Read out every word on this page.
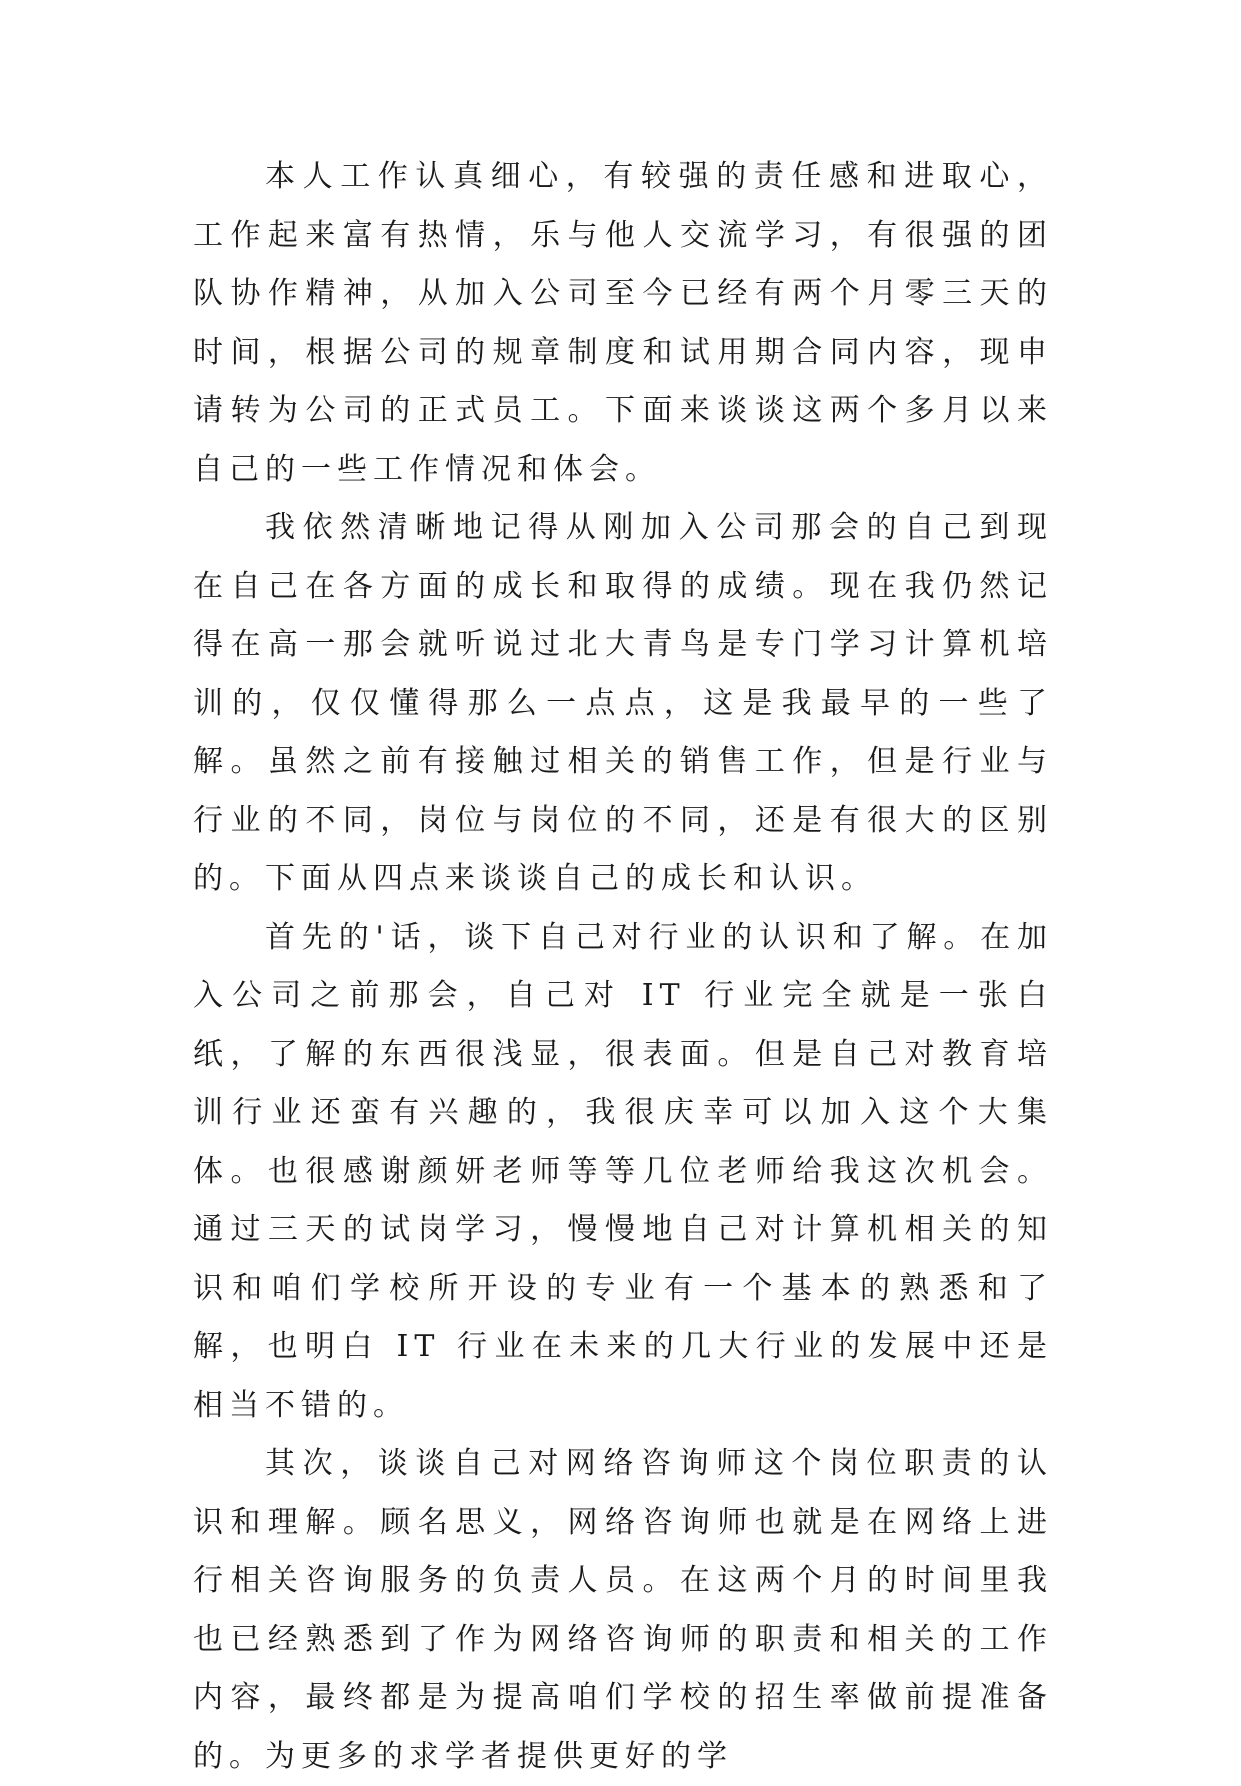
本人工作认真细心，有较强的责任感和进取心，工作起来富有热情，乐与他人交流学习，有很强的团队协作精神，从加入公司至今已经有两个月零三天的时间，根据公司的规章制度和试用期合同内容，现申请转为公司的正式员工。下面来谈谈这两个多月以来自己的一些工作情况和体会。

我依然清晰地记得从刚加入公司那会的自己到现在自己在各方面的成长和取得的成绩。现在我仍然记得在高一那会就听说过北大青鸟是专门学习计算机培训的，仅仅懂得那么一点点，这是我最早的一些了解。虽然之前有接触过相关的销售工作，但是行业与行业的不同，岗位与岗位的不同，还是有很大的区别的。下面从四点来谈谈自己的成长和认识。

首先的'话，谈下自己对行业的认识和了解。在加入公司之前那会，自己对 IT 行业完全就是一张白纸，了解的东西很浅显，很表面。但是自己对教育培训行业还蛮有兴趣的，我很庆幸可以加入这个大集体。也很感谢颜妍老师等等几位老师给我这次机会。通过三天的试岗学习，慢慢地自己对计算机相关的知识和咱们学校所开设的专业有一个基本的熟悉和了解，也明白 IT 行业在未来的几大行业的发展中还是相当不错的。

其次，谈谈自己对网络咨询师这个岗位职责的认识和理解。顾名思义，网络咨询师也就是在网络上进行相关咨询服务的负责人员。在这两个月的时间里我也已经熟悉到了作为网络咨询师的职责和相关的工作内容，最终都是为提高咱们学校的招生率做前提准备的。为更多的求学者提供更好的学
